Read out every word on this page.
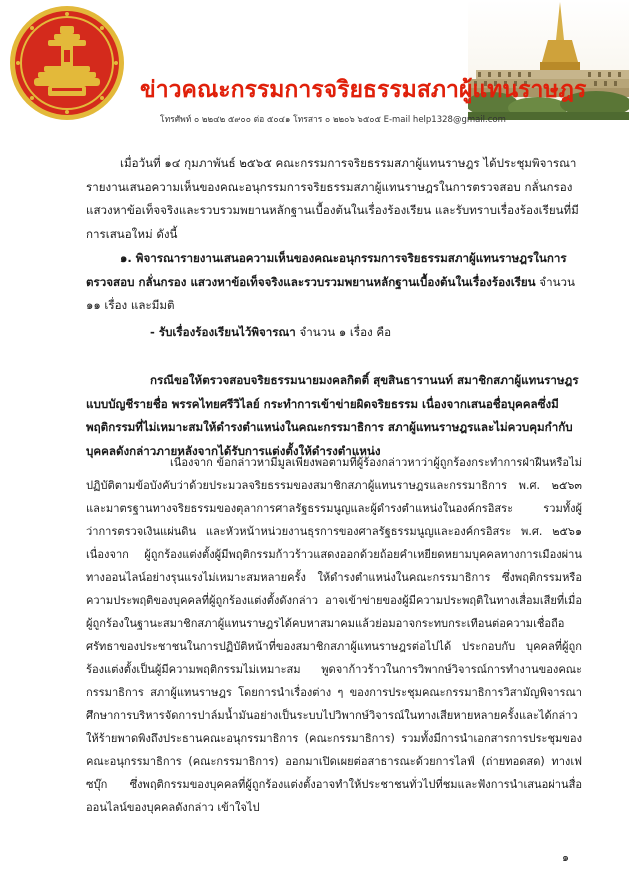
ข่าวคณะกรรมการจริยธรรมสภาผู้แทนราษฎร
โทรศัพท์ ๐ ๒๒๔๒ ๕๙๐๐ ต่อ ๕๐๔๑ โทรสาร ๐ ๒๒๐๖ ๖๕๐๕ E-mail help1328@gmail.com
เมื่อวันที่ ๑๔ กุมภาพันธ์ ๒๕๖๕ คณะกรรมการจริยธรรมสภาผู้แทนราษฎร ได้ประชุมพิจารณารายงานเสนอความเห็นของคณะอนุกรรมการจริยธรรมสภาผู้แทนราษฎรในการตรวจสอบ กลั่นกรอง แสวงหาข้อเท็จจริงและรวบรวมพยานหลักฐานเบื้องต้นในเรื่องร้องเรียน และรับทราบเรื่องร้องเรียนที่มีการเสนอใหม่ ดังนี้
๑. พิจารณารายงานเสนอความเห็นของคณะอนุกรรมการจริยธรรมสภาผู้แทนราษฎรในการตรวจสอบ กลั่นกรอง แสวงหาข้อเท็จจริงและรวบรวมพยานหลักฐานเบื้องต้นในเรื่องร้องเรียน จำนวน ๑๑ เรื่อง และมีมติ
- รับเรื่องร้องเรียนไว้พิจารณา จำนวน ๑ เรื่อง คือ
กรณีขอให้ตรวจสอบจริยธรรมนายมงคลกิตติ์ สุขสินธารานนท์ สมาชิกสภาผู้แทนราษฎรแบบบัญชีรายชื่อ พรรคไทยศรีวิไลย์ กระทำการเข้าข่ายผิดจริยธรรม เนื่องจากเสนอชื่อบุคคลซึ่งมีพฤติกรรมที่ไม่เหมาะสมให้ดำรงตำแหน่งในคณะกรรมาธิการ สภาผู้แทนราษฎรและไม่ควบคุมกำกับบุคคลดังกล่าวภายหลังจากได้รับการแต่งตั้งให้ดำรงตำแหน่ง
เนื่องจาก ข้อกล่าวหามีมูลเพียงพอตามที่ผู้ร้องกล่าวหาว่าผู้ถูกร้องกระทำการฝ่าฝืนหรือไม่ปฏิบัติตามข้อบังคับว่าด้วยประมวลจริยธรรมของสมาชิกสภาผู้แทนราษฎรและกรรมาธิการ พ.ศ. ๒๕๖๓ และมาตรฐานทางจริยธรรมของตุลาการศาลรัฐธรรมนูญและผู้ดำรงตำแหน่งในองค์กรอิสระ รวมทั้งผู้ว่าการตรวจเงินแผ่นดิน และหัวหน้าหน่วยงานธุรการของศาลรัฐธรรมนูญและองค์กรอิสระ พ.ศ. ๒๕๖๑ เนื่องจาก ผู้ถูกร้องแต่งตั้งผู้มีพฤติกรรมก้าวร้าวแสดงออกด้วยถ้อยคำเหยียดหยามบุคคลทางการเมืองผ่านทางออนไลน์อย่างรุนแรงไม่เหมาะสมหลายครั้ง ให้ดำรงตำแหน่งในคณะกรรมาธิการ ซึ่งพฤติกรรมหรือความประพฤติของบุคคลที่ผู้ถูกร้องแต่งตั้งดังกล่าว อาจเข้าข่ายของผู้มีความประพฤติในทางเสื่อมเสียที่เมื่อผู้ถูกร้องในฐานะสมาชิกสภาผู้แทนราษฎรได้คบหาสมาคมแล้วย่อมอาจกระทบกระเทือนต่อความเชื่อถือศรัทธาของประชาชนในการปฏิบัติหน้าที่ของสมาชิกสภาผู้แทนราษฎรต่อไปได้ ประกอบกับ บุคคลที่ผู้ถูกร้องแต่งตั้งเป็นผู้มีความพฤติกรรมไม่เหมาะสม พูดจาก้าวร้าวในการวิพากษ์วิจารณ์การทำงานของคณะกรรมาธิการ สภาผู้แทนราษฎร โดยการนำเรื่องต่าง ๆ ของการประชุมคณะกรรมาธิการวิสามัญพิจารณาศึกษาการบริหารจัดการปาล์มน้ำมันอย่างเป็นระบบไปวิพากษ์วิจารณ์ในทางเสียหายหลายครั้งและได้กล่าวให้ร้ายพาดพิงถึงประธานคณะอนุกรรมาธิการ (คณะกรรมาธิการ) รวมทั้งมีการนำเอกสารการประชุมของคณะอนุกรรมาธิการ (คณะกรรมาธิการ) ออกมาเปิดเผยต่อสาธารณะด้วยการไลฟ์ (ถ่ายทอดสด) ทางเฟซบุ๊ก ซึ่งพฤติกรรมของบุคคลที่ผู้ถูกร้องแต่งตั้งอาจทำให้ประชาชนทั่วไปที่ชมและฟังการนำเสนอผ่านสื่อออนไลน์ของบุคคลดังกล่าว เข้าใจไป
๑
